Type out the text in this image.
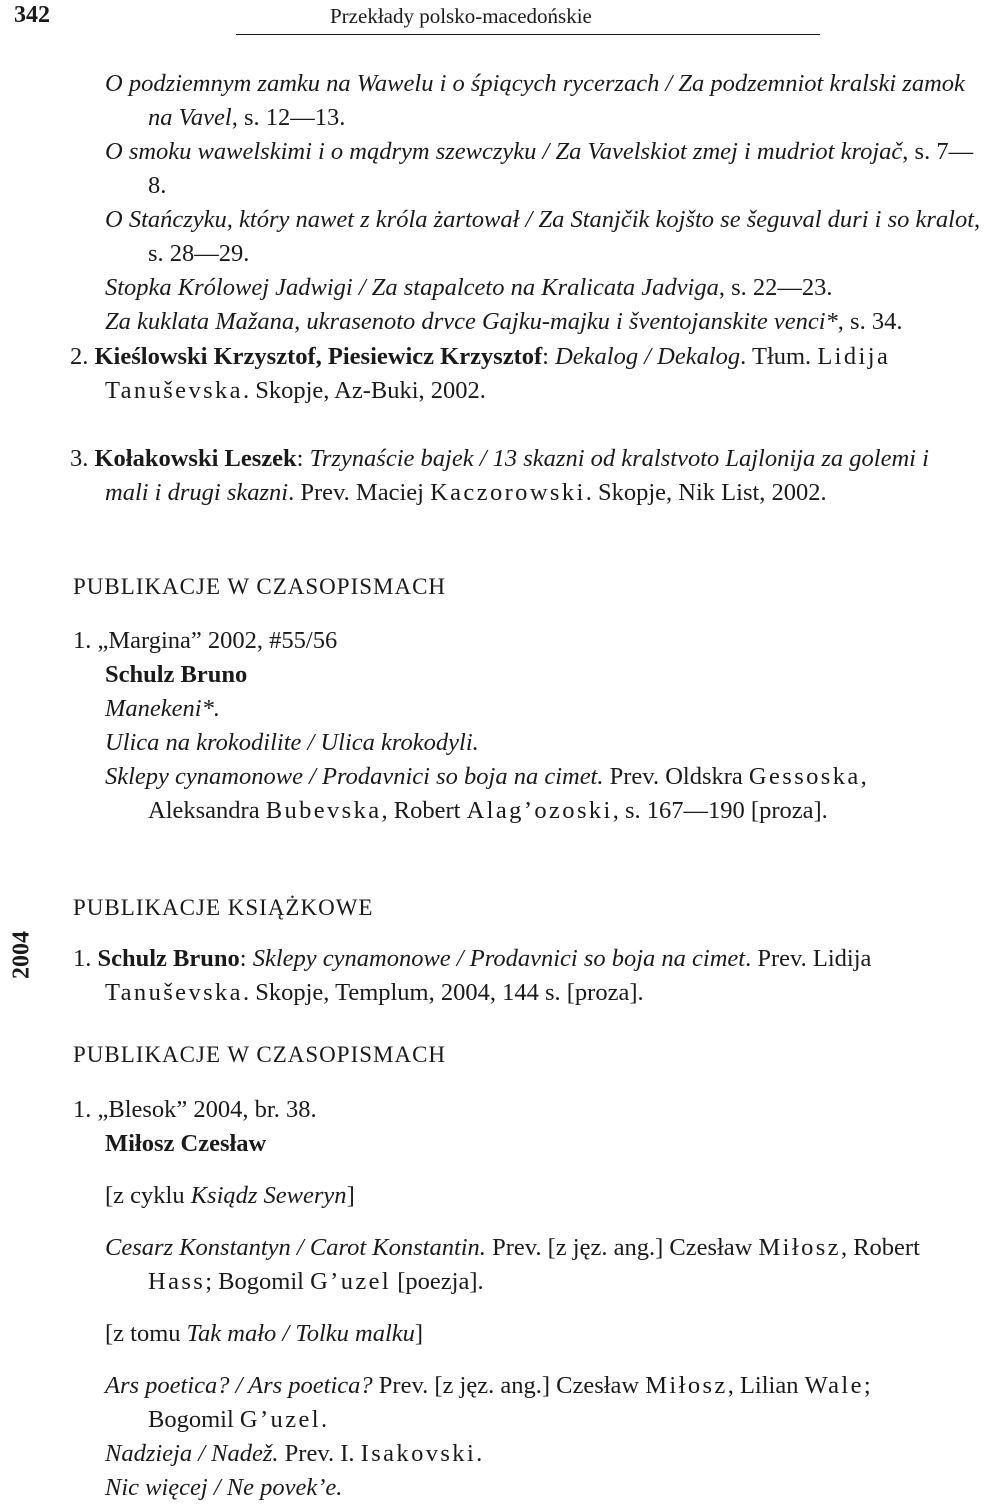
342	Przekłady polsko-macedońskie
2004
O podziemnym zamku na Wawelu i o śpiących rycerzach / Za podzemniot kralski zamok na Vavel, s. 12—13.
O smoku wawelskimi i o mądrym szewczyku / Za Vavelskiot zmej i mudriot krojač, s. 7—8.
O Stańczyku, który nawet z króla żartował / Za Stanjčik kojšto se šeguval duri i so kralot, s. 28—29.
Stopka Królowej Jadwigi / Za stapalceto na Kralicata Jadviga, s. 22—23.
Za kuklata Mažana, ukrasenoto drvce Gajku-majku i šventojanskite venci*, s. 34.
2. Kieślowski Krzysztof, Piesiewicz Krzysztof: Dekalog / Dekalog. Tłum. Lidija Tanuševska. Skopje, Az-Buki, 2002.
3. Kołakowski Leszek: Trzynaście bajek / 13 skazni od kralstvoto Lajlonija za golemi i mali i drugi skazni. Prev. Maciej Kaczorowski. Skopje, Nik List, 2002.
PUBLIKACJE W CZASOPISMACH
1. „Margina” 2002, #55/56
Schulz Bruno
Manekeni*.
Ulica na krokodilite / Ulica krokodyli.
Sklepy cynamonowe / Prodavnici so boja na cimet. Prev. Oldskra Gessoska, Aleksandra Bubevska, Robert Alag’ozoski, s. 167—190 [proza].
PUBLIKACJE KSIĄŻKOWE
1. Schulz Bruno: Sklepy cynamonowe / Prodavnici so boja na cimet. Prev. Lidija Tanuševska. Skopje, Templum, 2004, 144 s. [proza].
PUBLIKACJE W CZASOPISMACH
1. „Blesok” 2004, br. 38.
Miłosz Czesław
[z cyklu Ksiądz Seweryn]
Cesarz Konstantyn / Carot Konstantin. Prev. [z jęz. ang.] Czesław Miłosz, Robert Hass; Bogomil G’uzel [poezja].
[z tomu Tak mało / Tolku malku]
Ars poetica? / Ars poetica? Prev. [z jęz. ang.] Czesław Miłosz, Lilian Wale; Bogomil G’uzel.
Nadzieja / Nadež. Prev. I. Isakovski.
Nic więcej / Ne povek’e.
